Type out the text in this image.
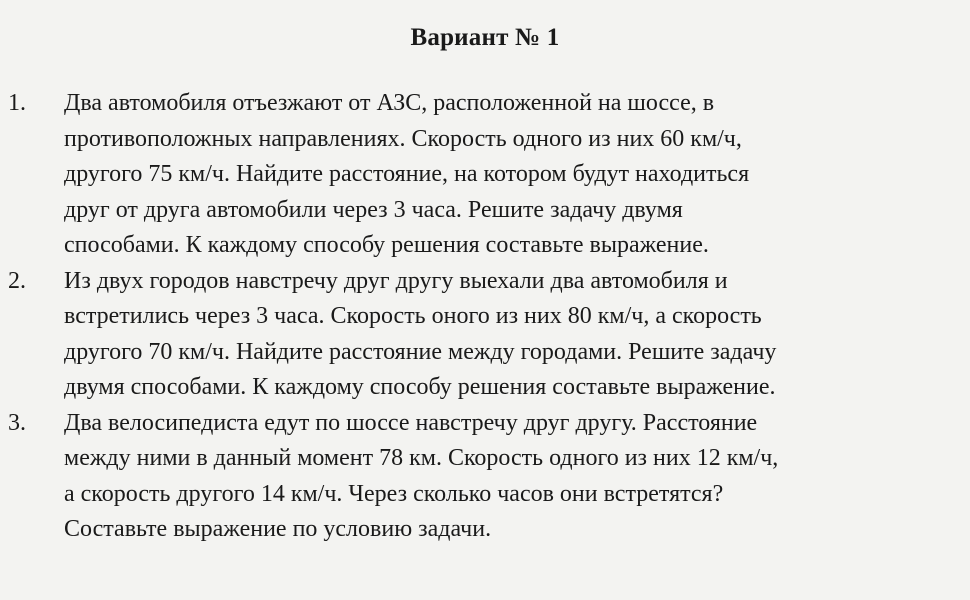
Вариант № 1
1. Два автомобиля отъезжают от АЗС, расположенной на шоссе, в
противоположных направлениях. Скорость одного из них 60 км/ч,
другого 75 км/ч. Найдите расстояние, на котором будут находиться
друг от друга автомобили через 3 часа. Решите задачу двумя
способами. К каждому способу решения составьте выражение.
2. Из двух городов навстречу друг другу выехали два автомобиля и
встретились через 3 часа. Скорость оного из них 80 км/ч, а скорость
другого 70 км/ч. Найдите расстояние между городами. Решите задачу
двумя способами. К каждому способу решения составьте выражение.
3. Два велосипедиста едут по шоссе навстречу друг другу. Расстояние
между ними в данный момент 78 км. Скорость одного из них 12 км/ч,
а скорость другого 14 км/ч. Через сколько часов они встретятся?
Составьте выражение по условию задачи.
